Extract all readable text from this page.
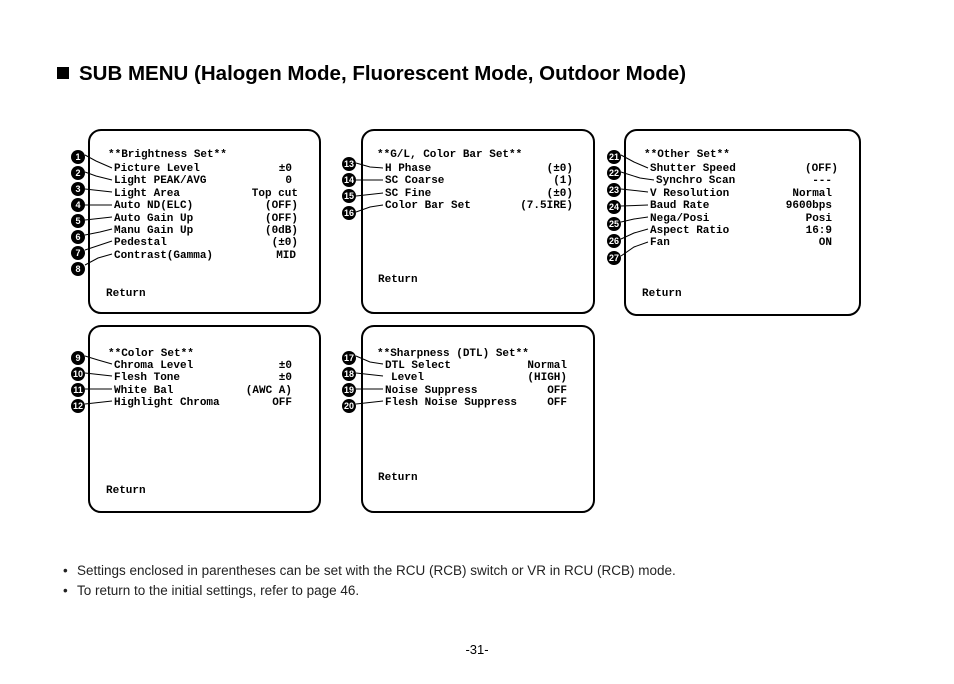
SUB MENU (Halogen Mode, Fluorescent Mode, Outdoor Mode)
**Brightness Set**
Picture Level	±0
Light PEAK/AVG	0
Light Area	Top cut
Auto ND(ELC)	(OFF)
Auto Gain Up	(OFF)
Manu Gain Up	(0dB)
Pedestal	(±0)
Contrast(Gamma)	MID
Return
**G/L, Color Bar Set**
H Phase	(±0)
SC Coarse	(1)
SC Fine	(±0)
Color Bar Set	(7.5IRE)
Return
**Other Set**
Shutter Speed	(OFF)
Synchro Scan	---
V Resolution	Normal
Baud Rate	9600bps
Nega/Posi	Posi
Aspect Ratio	16:9
Fan	ON
Return
**Color Set**
Chroma Level	±0
Flesh Tone	±0
White Bal	(AWC A)
Highlight Chroma	OFF
Return
**Sharpness (DTL) Set**
DTL Select	Normal
Level	(HIGH)
Noise Suppress	OFF
Flesh Noise Suppress	OFF
Return
1
2
3
4
5
6
7
8
9
10
11
12
13
14
15
16
17
18
19
20
21
22
23
24
25
26
27
• Settings enclosed in parentheses can be set with the RCU (RCB) switch or VR in RCU (RCB) mode.
• To return to the initial settings, refer to page 46.
-31-
